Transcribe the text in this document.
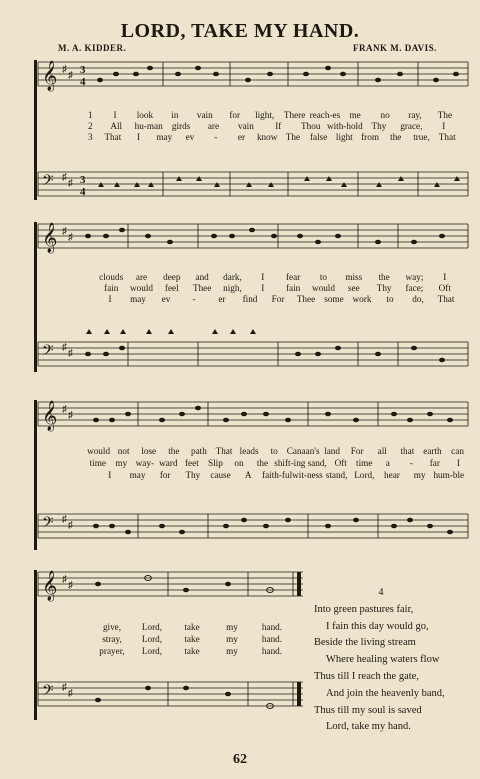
LORD, TAKE MY HAND.
M. A. KIDDER.	FRANK M. DAVIS.
𝄞 ♯
♯ 3
4
1
2
3
I	look	in	vain	for	light,	There reach-es	me	no	ray,	The
All	hu-man girds	are	vain	If	Thou with-hold Thy	grace,	I
That	I	may	ev	-	er	know The	false light from	the	true, That
𝄢 ♯
♯ 3
4
𝄞 ♯
♯
clouds	are	deep	and	dark,	I	fear	to	miss	the	way;	I
fain	would	feel	Thee	nigh,	I	fain	would	see	Thy	face;	Oft
I	may	ev	-	er	find	For	Thee some work	to	do,	That
𝄢 ♯
♯
𝄞 ♯
♯
would not	lose	the	path That leads	to Canaan's land	For	all	that earth	can
time	my way- ward feet	Slip	on	the shift-ing sand, Oft	time	a	-	far	I
I	may	for	Thy	cause	A	faith-ful wit-ness stand, Lord,	hear	my hum-ble
𝄢 ♯
♯
𝄞 ♯
♯
give,	Lord,	take	my	hand.
stray,	Lord,	take	my	hand.
prayer,	Lord,	take	my	hand.
𝄢 ♯
♯
4
Into green pastures fair,
I fain this day would go,
Beside the living stream
Where healing waters flow
Thus till I reach the gate,
And join the heavenly band,
Thus till my soul is saved
Lord, take my hand.
62
